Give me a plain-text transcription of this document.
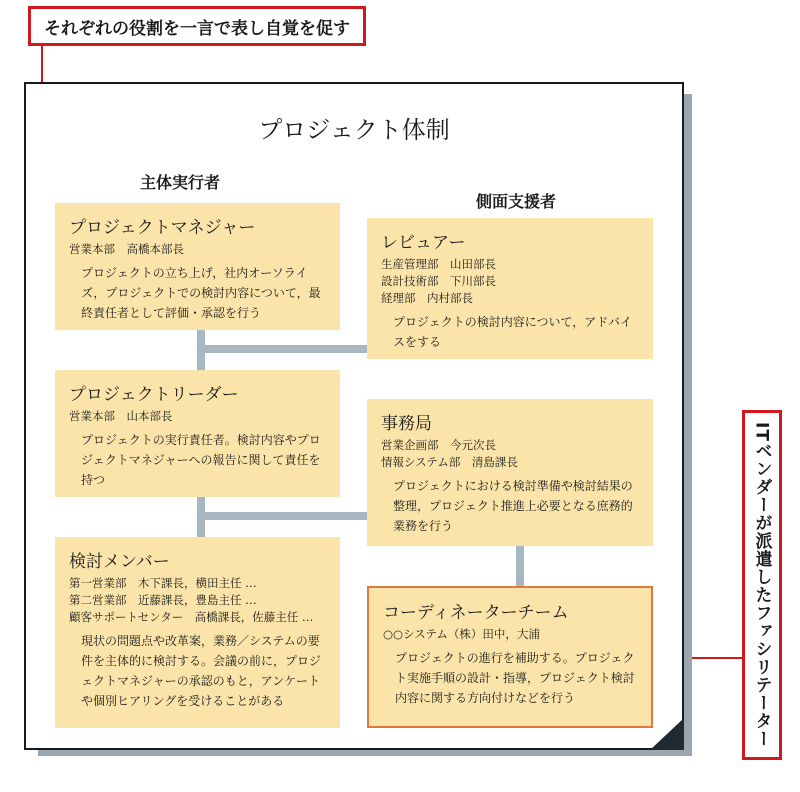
それぞれの役割を一言で表し自覚を促す
ITベンダーが派遣したファシリテーター
プロジェクト体制
主体実行者
側面支援者
プロジェクトマネジャー
営業本部　高橋本部長
プロジェクトの立ち上げ，社内オーソライズ，プロジェクトでの検討内容について，最終責任者として評価・承認を行う
プロジェクトリーダー
営業本部　山本部長
プロジェクトの実行責任者。検討内容やプロジェクトマネジャーへの報告に関して責任を持つ
検討メンバー
第一営業部　木下課長，横田主任 …
第二営業部　近藤課長，豊島主任 …
顧客サポートセンター　高橋課長，佐藤主任 …
現状の問題点や改革案，業務／システムの要件を主体的に検討する。会議の前に，プロジェクトマネジャーの承認のもと，アンケートや個別ヒアリングを受けることがある
レビュアー
生産管理部　山田部長
設計技術部　下川部長
経理部　内村部長
プロジェクトの検討内容について，アドバイスをする
事務局
営業企画部　今元次長
情報システム部　清島課長
プロジェクトにおける検討準備や検討結果の整理，プロジェクト推進上必要となる庶務的業務を行う
コーディネーターチーム
○○システム（株）田中，大浦
プロジェクトの進行を補助する。プロジェクト実施手順の設計・指導，プロジェクト検討内容に関する方向付けなどを行う
